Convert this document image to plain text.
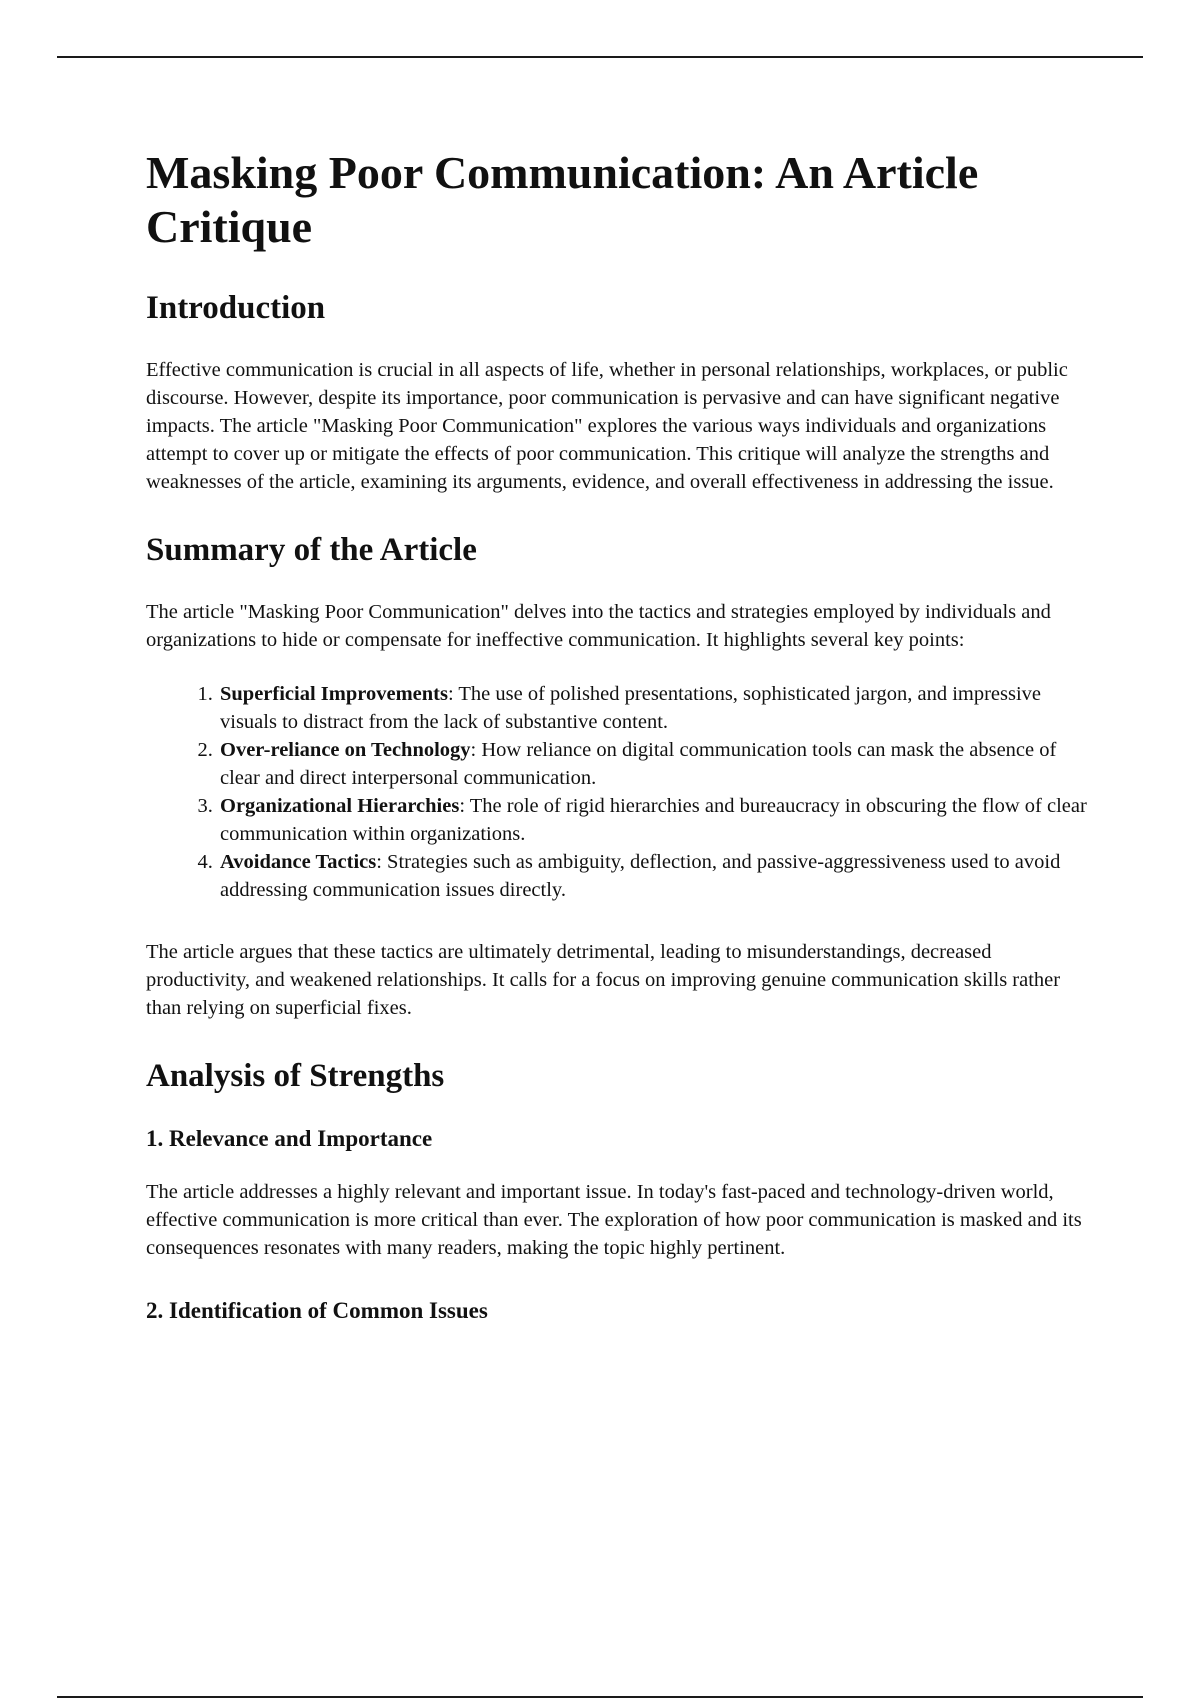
Masking Poor Communication: An Article Critique
Introduction

Effective communication is crucial in all aspects of life, whether in personal relationships, workplaces, or public discourse. However, despite its importance, poor communication is pervasive and can have significant negative impacts. The article "Masking Poor Communication" explores the various ways individuals and organizations attempt to cover up or mitigate the effects of poor communication. This critique will analyze the strengths and weaknesses of the article, examining its arguments, evidence, and overall effectiveness in addressing the issue.

Summary of the Article

The article "Masking Poor Communication" delves into the tactics and strategies employed by individuals and organizations to hide or compensate for ineffective communication. It highlights several key points:

1. Superficial Improvements: The use of polished presentations, sophisticated jargon, and impressive visuals to distract from the lack of substantive content.
2. Over-reliance on Technology: How reliance on digital communication tools can mask the absence of clear and direct interpersonal communication.
3. Organizational Hierarchies: The role of rigid hierarchies and bureaucracy in obscuring the flow of clear communication within organizations.
4. Avoidance Tactics: Strategies such as ambiguity, deflection, and passive-aggressiveness used to avoid addressing communication issues directly.

The article argues that these tactics are ultimately detrimental, leading to misunderstandings, decreased productivity, and weakened relationships. It calls for a focus on improving genuine communication skills rather than relying on superficial fixes.

Analysis of Strengths
1. Relevance and Importance

The article addresses a highly relevant and important issue. In today's fast-paced and technology-driven world, effective communication is more critical than ever. The exploration of how poor communication is masked and its consequences resonates with many readers, making the topic highly pertinent.

2. Identification of Common Issues
